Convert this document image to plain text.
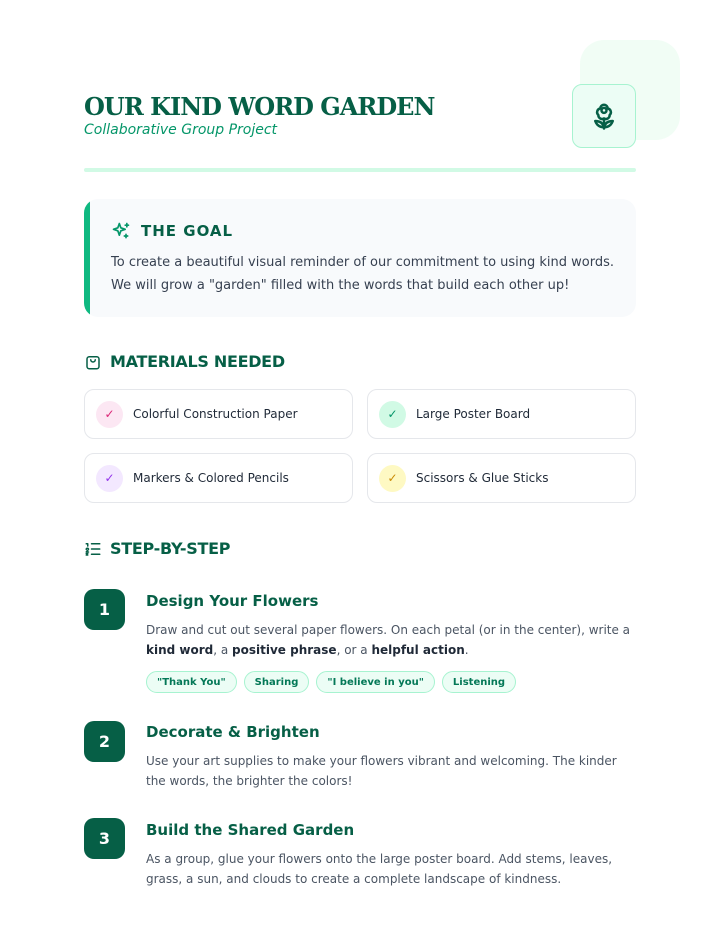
OUR KIND WORD GARDEN
Collaborative Group Project
THE GOAL

To create a beautiful visual reminder of our commitment to using kind words. We will grow a "garden" filled with the words that build each other up!

MATERIALS NEEDED
✓	Colorful Construction Paper	✓	Large Poster Board
✓	Markers & Colored Pencils	✓	Scissors & Glue Sticks
STEP-BY-STEP
1	Design Your Flowers

Draw and cut out several paper flowers. On each petal (or in the center), write a kind word, a positive phrase, or a helpful action.

"Thank You"	Sharing	"I believe in you"	Listening
2	Decorate & Brighten

Use your art supplies to make your flowers vibrant and welcoming. The kinder the words, the brighter the colors!

3	Build the Shared Garden

As a group, glue your flowers onto the large poster board. Add stems, leaves, grass, a sun, and clouds to create a complete landscape of kindness.
